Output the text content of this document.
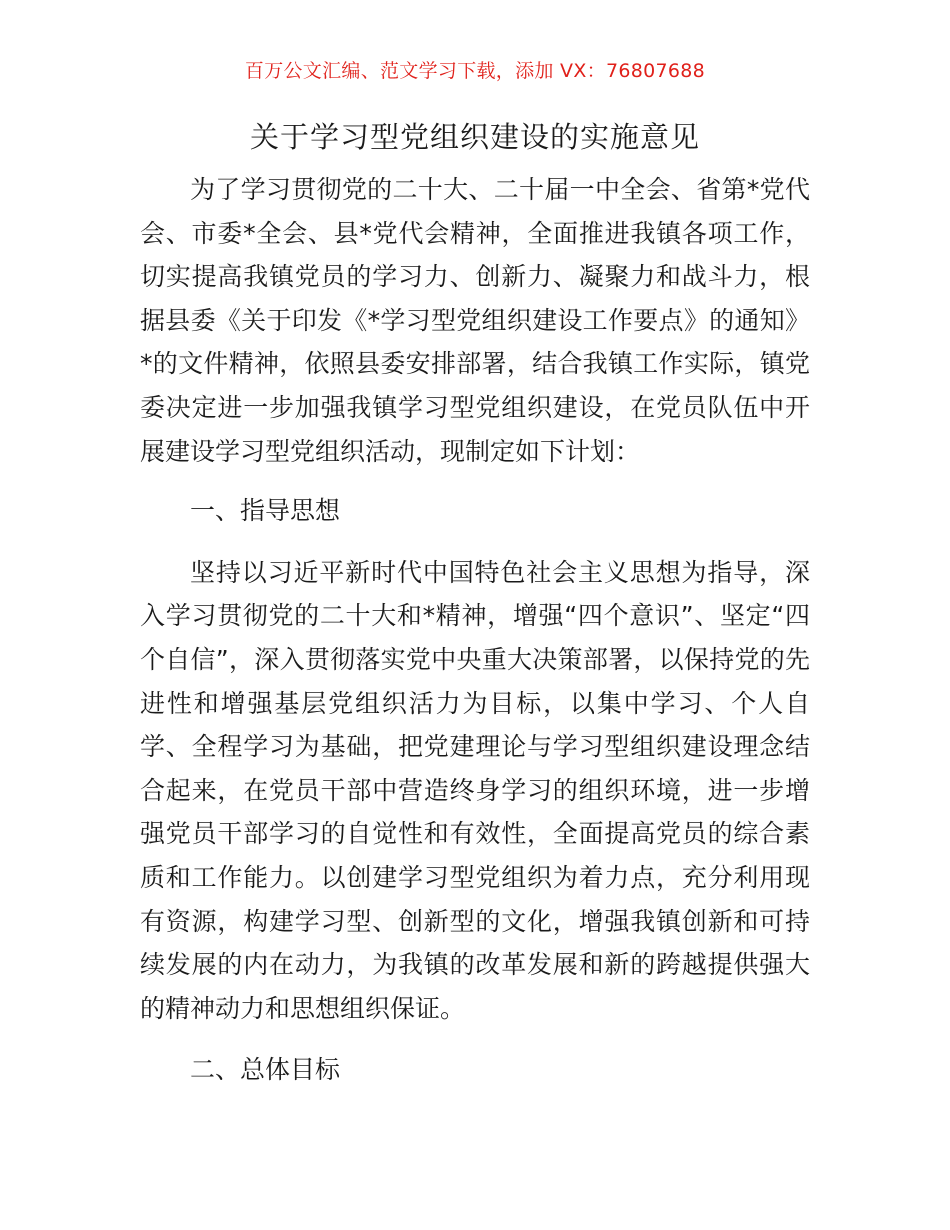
百万公文汇编、范文学习下载，添加 VX：76807688
关于学习型党组织建设的实施意见

为了学习贯彻党的二十大、二十届一中全会、省第*党代会、市委*全会、县*党代会精神，全面推进我镇各项工作，切实提高我镇党员的学习力、创新力、凝聚力和战斗力，根据县委《关于印发《*学习型党组织建设工作要点》的通知》*的文件精神，依照县委安排部署，结合我镇工作实际，镇党委决定进一步加强我镇学习型党组织建设，在党员队伍中开展建设学习型党组织活动，现制定如下计划：

一、指导思想

坚持以习近平新时代中国特色社会主义思想为指导，深入学习贯彻党的二十大和*精神，增强“四个意识”、坚定“四个自信”，深入贯彻落实党中央重大决策部署，以保持党的先进性和增强基层党组织活力为目标，以集中学习、个人自学、全程学习为基础，把党建理论与学习型组织建设理念结合起来，在党员干部中营造终身学习的组织环境，进一步增强党员干部学习的自觉性和有效性，全面提高党员的综合素质和工作能力。以创建学习型党组织为着力点，充分利用现有资源，构建学习型、创新型的文化，增强我镇创新和可持续发展的内在动力，为我镇的改革发展和新的跨越提供强大的精神动力和思想组织保证。

二、总体目标
